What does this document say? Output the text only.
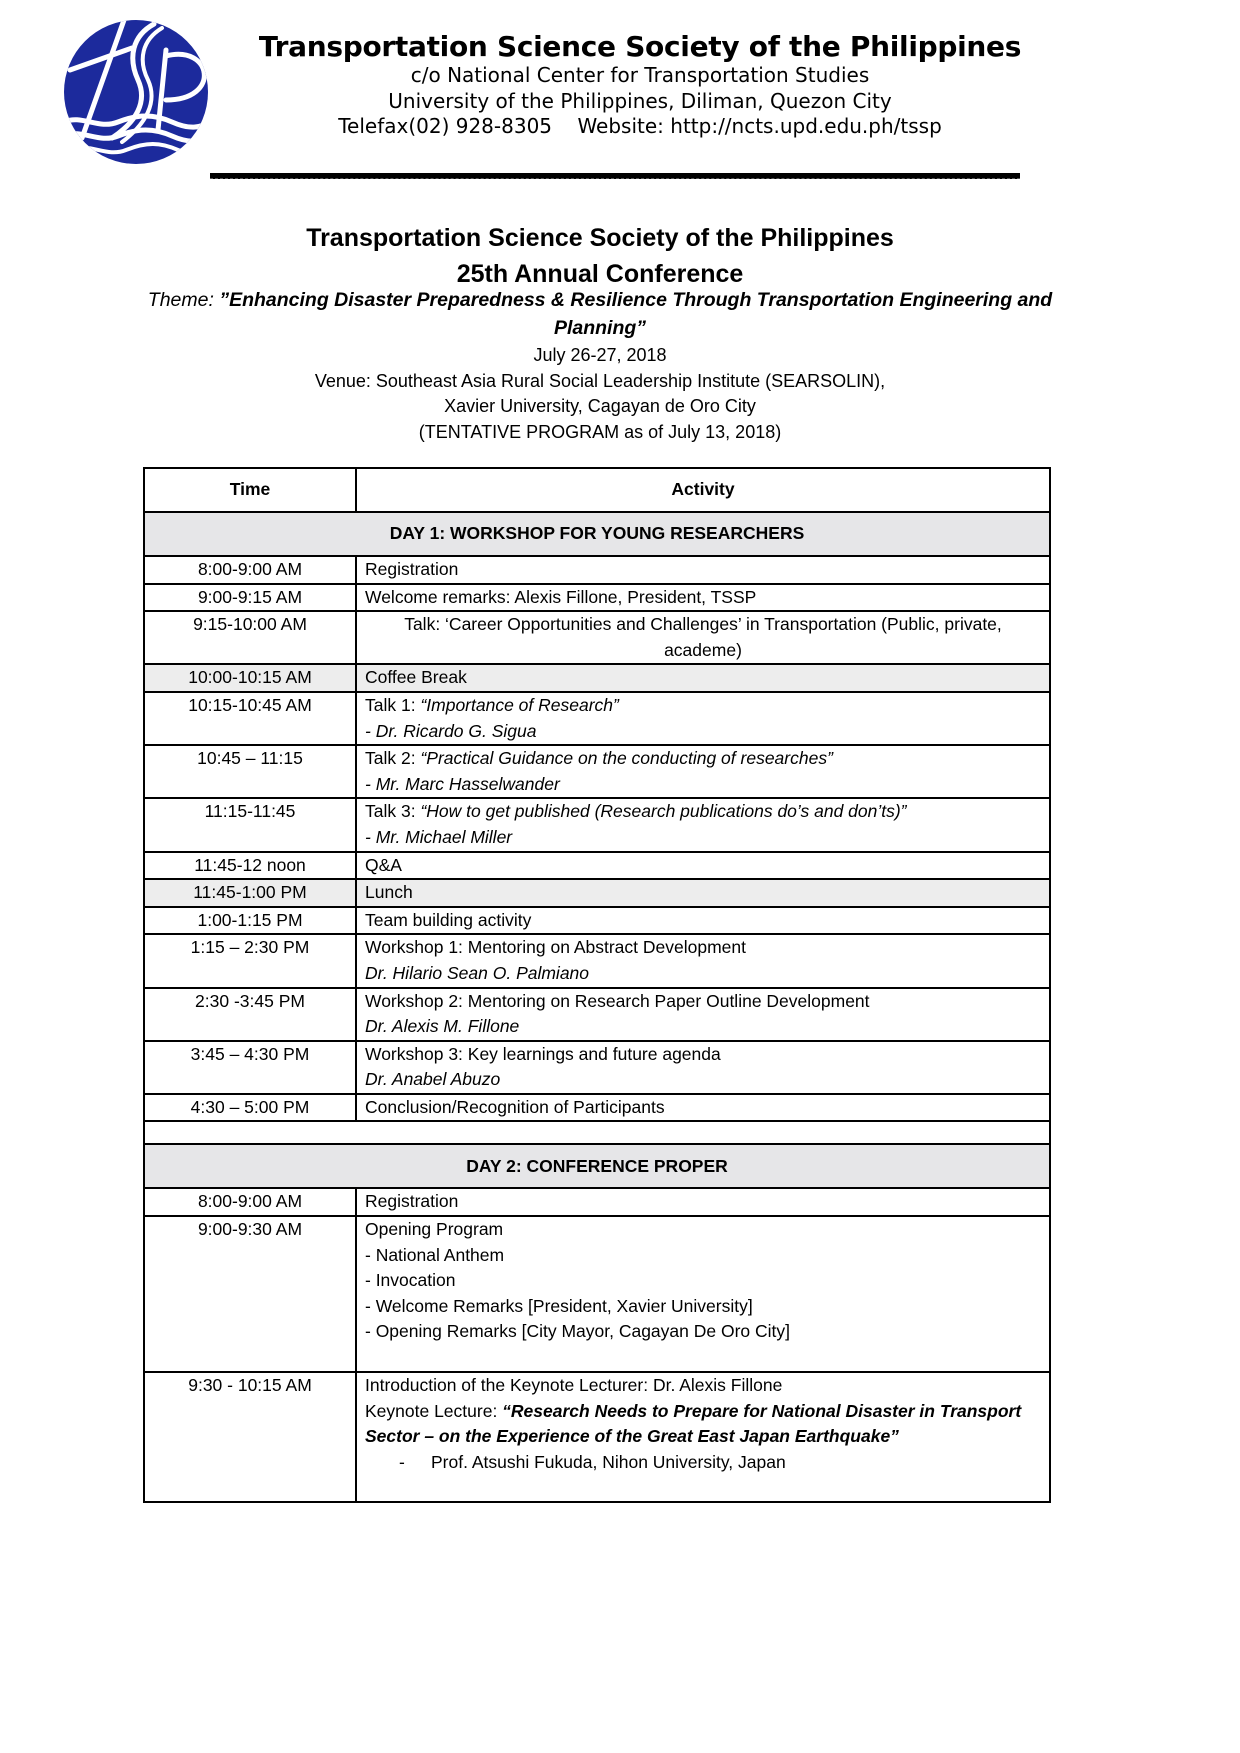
Transportation Science Society of the Philippines
c/o National Center for Transportation Studies
University of the Philippines, Diliman, Quezon City
Telefax(02) 928-8305    Website: http://ncts.upd.edu.ph/tssp
Transportation Science Society of the Philippines
25th Annual Conference
Theme: ”Enhancing Disaster Preparedness & Resilience Through Transportation Engineering and Planning”
July 26-27, 2018
Venue: Southeast Asia Rural Social Leadership Institute (SEARSOLIN),
Xavier University, Cagayan de Oro City
(TENTATIVE PROGRAM as of July 13, 2018)
Time	Activity
DAY 1: WORKSHOP FOR YOUNG RESEARCHERS	
8:00-9:00 AM	Registration
9:00-9:15 AM	Welcome remarks: Alexis Fillone, President, TSSP
9:15-10:00 AM	Talk: ‘Career Opportunities and Challenges’ in Transportation (Public, private, academe)
10:00-10:15 AM	Coffee Break
10:15-10:45 AM	Talk 1: “Importance of Research”
- Dr. Ricardo G. Sigua

10:45 – 11:15	Talk 2: “Practical Guidance on the conducting of researches”
- Mr. Marc Hasselwander

11:15-11:45	Talk 3: “How to get published (Research publications do’s and don’ts)”
- Mr. Michael Miller

11:45-12 noon	Q&A
11:45-1:00 PM	Lunch
1:00-1:15 PM	Team building activity
1:15 – 2:30 PM	Workshop 1: Mentoring on Abstract Development
Dr. Hilario Sean O. Palmiano

2:30 -3:45 PM	Workshop 2: Mentoring on Research Paper Outline Development
Dr. Alexis M. Fillone

3:45 – 4:30 PM	Workshop 3: Key learnings and future agenda
Dr. Anabel Abuzo

4:30 – 5:00 PM	Conclusion/Recognition of Participants

DAY 2: CONFERENCE PROPER	
8:00-9:00 AM	Registration
9:00-9:30 AM	Opening Program
- National Anthem
- Invocation
- Welcome Remarks [President, Xavier University]
- Opening Remarks [City Mayor, Cagayan De Oro City]

9:30 - 10:15 AM	Introduction of the Keynote Lecturer: Dr. Alexis Fillone
Keynote Lecture: “Research Needs to Prepare for National Disaster in Transport Sector – on the Experience of the Great East Japan Earthquake”
- Prof. Atsushi Fukuda, Nihon University, Japan
